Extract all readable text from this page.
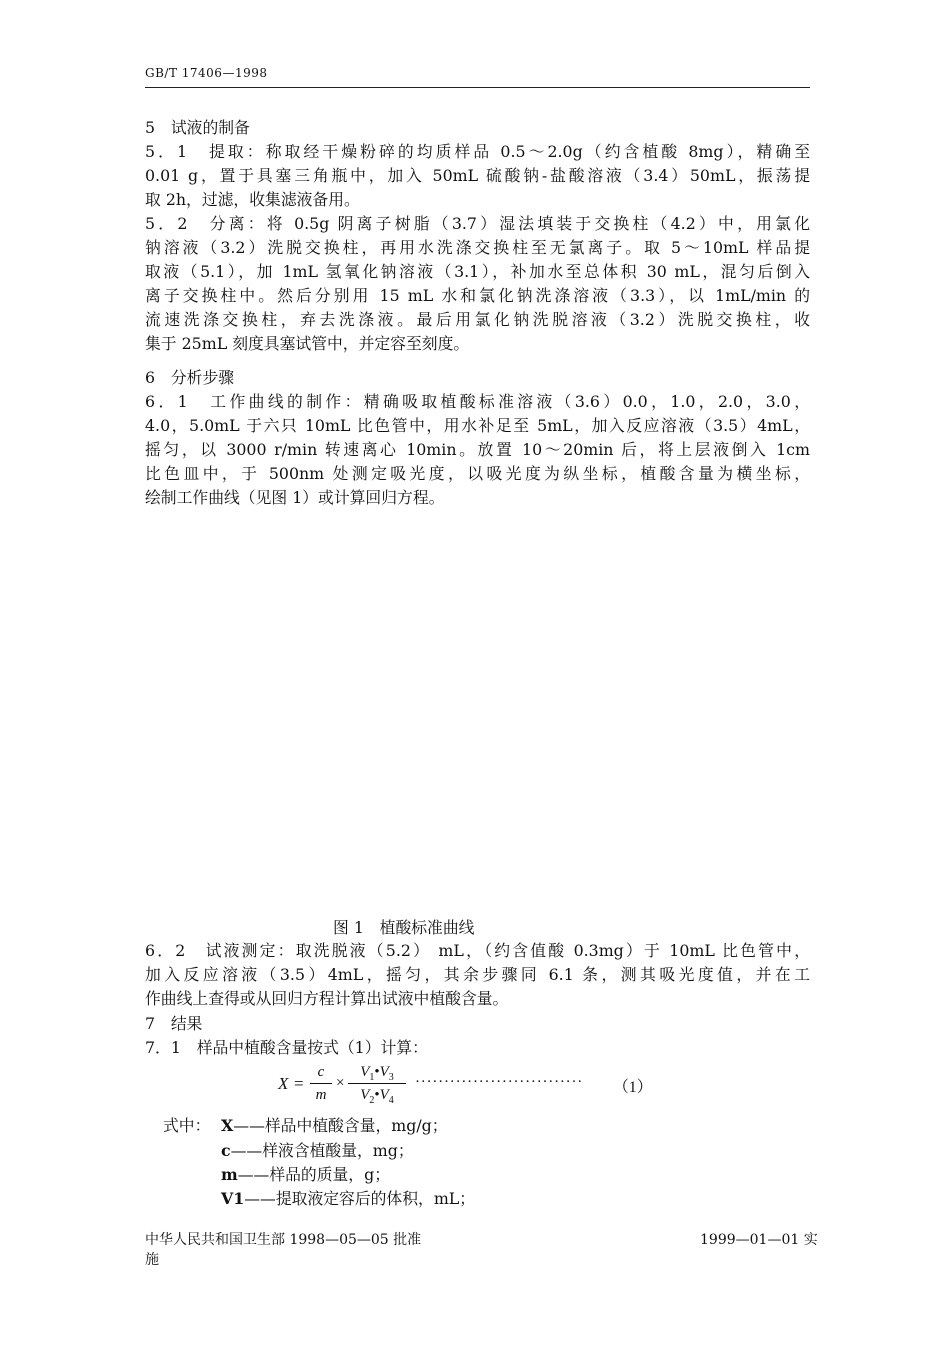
GB/T 17406—1998
5　试液的制备
5．1　提取：称取经干燥粉碎的均质样品 0.5～2.0g（约含植酸 8mg），精确至
0.01 g，置于具塞三角瓶中，加入 50mL 硫酸钠-盐酸溶液（3.4）50mL，振荡提
取 2h，过滤，收集滤液备用。
5．2　分离：将 0.5g 阴离子树脂（3.7）湿法填装于交换柱（4.2）中，用氯化
钠溶液（3.2）洗脱交换柱，再用水洗涤交换柱至无氯离子。取 5～10mL 样品提
取液（5.1），加 1mL 氢氧化钠溶液（3.1），补加水至总体积 30 mL，混匀后倒入
离子交换柱中。然后分别用 15 mL 水和氯化钠洗涤溶液（3.3），以 1mL/min 的
流速洗涤交换柱，弃去洗涤液。最后用氯化钠洗脱溶液（3.2）洗脱交换柱，收
集于 25mL 刻度具塞试管中，并定容至刻度。
6　分析步骤
6．1　工作曲线的制作：精确吸取植酸标准溶液（3.6）0.0，1.0，2.0，3.0，
4.0，5.0mL 于六只 10mL 比色管中，用水补足至 5mL，加入反应溶液（3.5）4mL，
摇匀，以 3000 r/min 转速离心 10min。放置 10～20min 后，将上层液倒入 1cm
比色皿中，于 500nm 处测定吸光度，以吸光度为纵坐标，植酸含量为横坐标，
绘制工作曲线（见图 1）或计算回归方程。
图 1　植酸标准曲线
6．2　试液测定：取洗脱液（5.2） mL，（约含值酸 0.3mg）于 10mL 比色管中，
加入反应溶液（3.5）4mL，摇匀，其余步骤同 6.1 条，测其吸光度值，并在工
作曲线上查得或从回归方程计算出试液中植酸含量。
7　结果
7．1　样品中植酸含量按式（1）计算：
X =
c
m
×
$V_1•V_3$
$V_2•V_4$
····························· （1）
式中： X——样品中植酸含量，mg/g；
c——样液含植酸量，mg；
m——样品的质量，g；
V1——提取液定容后的体积，mL；
中华人民共和国卫生部 1998—05—05 批准
施
1999—01—01 实
